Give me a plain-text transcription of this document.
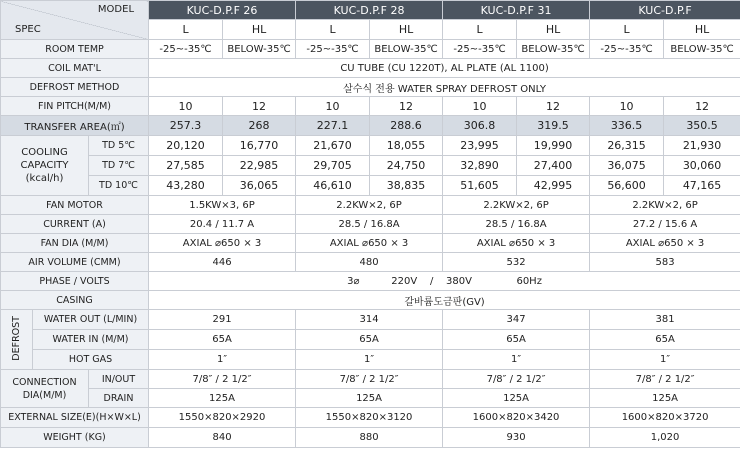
MODEL
SPEC			KUC-D.P.F 26		KUC-D.P.F 28		KUC-D.P.F 31		KUC-D.P.F	
			L	HL	L	HL	L	HL	L	HL
ROOM TEMP			-25~-35℃	BELOW-35℃	-25~-35℃	BELOW-35℃	-25~-35℃	BELOW-35℃	-25~-35℃	BELOW-35℃
COIL MAT'L			CU TUBE (CU 1220T), AL PLATE (AL 1100)							
DEFROST METHOD			살수식 전용 WATER SPRAY DEFROST ONLY							
FIN PITCH(M/M)			10	12	10	12	10	12	10	12
TRANSFER AREA(㎡)			257.3	268	227.1	288.6	306.8	319.5	336.5	350.5

COOLING
CAPACITY
(kcal/h)		TD 5℃	20,120	16,770	21,670	18,055	23,995	19,990	26,315	21,930
		TD 7℃	27,585	22,985	29,705	24,750	32,890	27,400	36,075	30,060
		TD 10℃	43,280	36,065	46,610	38,835	51,605	42,995	56,600	47,165
FAN MOTOR			1.5KW×3, 6P		2.2KW×2, 6P		2.2KW×2, 6P		2.2KW×2, 6P	
CURRENT (A)			20.4 / 11.7 A		28.5 / 16.8A		28.5 / 16.8A		27.2 / 15.6 A	
FAN DIA (M/M)			AXIAL ⌀650 × 3		AXIAL ⌀650 × 3		AXIAL ⌀650 × 3		AXIAL ⌀650 × 3	
AIR VOLUME (CMM)			446		480		532		583	
PHASE / VOLTS			3⌀          220V    /    380V              60Hz							
CASING			갈바륨도금판(GV)							
DEFROST	WATER OUT (L/MIN)		291		314		347		381	
	WATER IN (M/M)		65A		65A		65A		65A	
	HOT GAS		1″		1″		1″		1″	

CONNECTION
DIA(M/M)		IN/OUT	7/8″ / 2 1/2″		7/8″ / 2 1/2″		7/8″ / 2 1/2″		7/8″ / 2 1/2″	
		DRAIN	125A		125A		125A		125A	
EXTERNAL SIZE(E)(H×W×L)			1550×820×2920		1550×820×3120		1600×820×3420		1600×820×3720	
WEIGHT (KG)			840		880		930		1,020	
